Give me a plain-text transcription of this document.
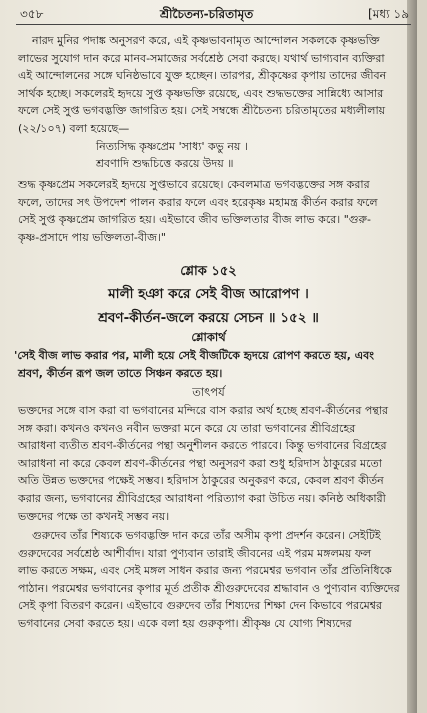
৩৫৮	শ্রীচৈতন্য-চরিতামৃত	[মধ্য ১৯
নারদ মুনির পদাঙ্ক অনুসরণ করে, এই কৃষ্ণভাবনামৃত আন্দোলন সকলকে কৃষ্ণভক্তি
লাভের সুযোগ দান করে মানব-সমাজের সর্বশ্রেষ্ঠ সেবা করছে। যথার্থ ভাগ্যবান ব্যক্তিরা
এই আন্দোলনের সঙ্গে ঘনিষ্ঠভাবে যুক্ত হচ্ছেন। তারপর, শ্রীকৃষ্ণের কৃপায় তাদের জীবন
সার্থক হচ্ছে। সকলেরই হৃদয়ে সুপ্ত কৃষ্ণভক্তি রয়েছে, এবং শুদ্ধভক্তের সান্নিধ্যে আসার
ফলে সেই সুপ্ত ভগবদ্ভক্তি জাগরিত হয়। সেই সম্বন্ধে শ্রীচৈতন্য চরিতামৃতের মধ্যলীলায়
(২২/১০৭) বলা হয়েছে—
নিত্যসিদ্ধ কৃষ্ণপ্রেম 'সাধ্য' কভু নয় ।
শ্রবণাদি শুদ্ধচিত্তে করয়ে উদয় ॥
শুদ্ধ কৃষ্ণপ্রেম সকলেরই হৃদয়ে সুপ্তভাবে রয়েছে। কেবলমাত্র ভগবদ্ভক্তের সঙ্গ করার
ফলে, তাদের সৎ উপদেশ পালন করার ফলে এবং হরেকৃষ্ণ মহামন্ত্র কীর্তন করার ফলে
সেই সুপ্ত কৃষ্ণপ্রেম জাগরিত হয়। এইভাবে জীব ভক্তিলতার বীজ লাভ করে। "গুরু-
কৃষ্ণ-প্রসাদে পায় ভক্তিলতা-বীজ।"
শ্লোক ১৫২
মালী হঞা করে সেই বীজ আরোপণ ।
শ্রবণ-কীর্তন-জলে করয়ে সেচন ॥ ১৫২ ॥
শ্লোকার্থ
'সেই বীজ লাভ করার পর, মালী হয়ে সেই বীজটিকে হৃদয়ে রোপণ করতে হয়, এবং
শ্রবণ, কীর্তন রূপ জল তাতে সিঞ্চন করতে হয়।
তাৎপর্য
ভক্তদের সঙ্গে বাস করা বা ভগবানের মন্দিরে বাস করার অর্থ হচ্ছে শ্রবণ-কীর্তনের পন্থার
সঙ্গ করা। কখনও কখনও নবীন ভক্তরা মনে করে যে তারা ভগবানের শ্রীবিগ্রহের
আরাধনা ব্যতীত শ্রবণ-কীর্তনের পন্থা অনুশীলন করতে পারবে। কিন্তু ভগবানের বিগ্রহের
আরাধনা না করে কেবল শ্রবণ-কীর্তনের পন্থা অনুসরণ করা শুধু হরিদাস ঠাকুরের মতো
অতি উন্নত ভক্তদের পক্ষেই সম্ভব। হরিদাস ঠাকুরের অনুকরণ করে, কেবল শ্রবণ কীর্তন
করার জন্য, ভগবানের শ্রীবিগ্রহের আরাধনা পরিত্যাগ করা উচিত নয়। কনিষ্ঠ অধিকারী
ভক্তদের পক্ষে তা কখনই সম্ভব নয়।
গুরুদেব তাঁর শিষ্যকে ভগবদ্ভক্তি দান করে তাঁর অসীম কৃপা প্রদর্শন করেন। সেইটিই
গুরুদেবের সর্বশ্রেষ্ঠ আশীর্বাদ। যারা পুণ্যবান তারাই জীবনের এই পরম মঙ্গলময় ফল
লাভ করতে সক্ষম, এবং সেই মঙ্গল সাধন করার জন্য পরমেশ্বর ভগবান তাঁর প্রতিনিধিকে
পাঠান। পরমেশ্বর ভগবানের কৃপার মূর্ত প্রতীক শ্রীগুরুদেবের শ্রদ্ধাবান ও পুণ্যবান ব্যক্তিদের
সেই কৃপা বিতরণ করেন। এইভাবে গুরুদেব তাঁর শিষ্যদের শিক্ষা দেন কিভাবে পরমেশ্বর
ভগবানের সেবা করতে হয়। একে বলা হয় গুরুকৃপা। শ্রীকৃষ্ণ যে যোগ্য শিষ্যদের
